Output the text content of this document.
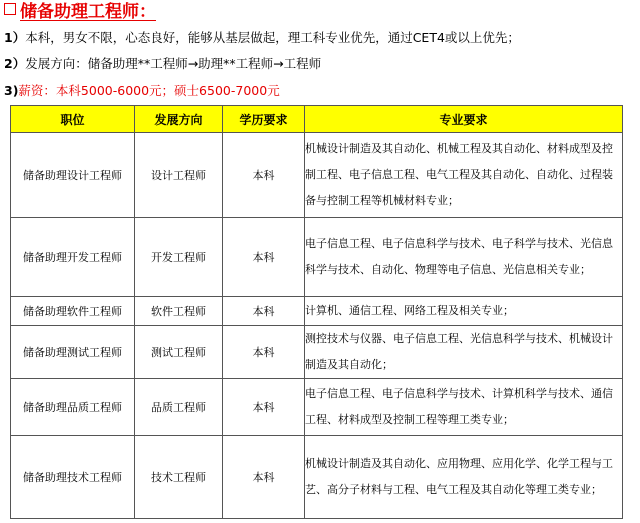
储备助理工程师：
1）本科，男女不限，心态良好，能够从基层做起，理工科专业优先，通过CET4或以上优先；
2）发展方向：储备助理**工程师→助理**工程师→工程师
3)薪资：本科5000-6000元；硕士6500-7000元
职位	发展方向	学历要求	专业要求
储备助理设计工程师	设计工程师	本科	机械设计制造及其自动化、机械工程及其自动化、材料成型及控制工程、电子信息工程、电气工程及其自动化、自动化、过程装备与控制工程等机械材料专业；
储备助理开发工程师	开发工程师	本科	电子信息工程、电子信息科学与技术、电子科学与技术、光信息科学与技术、自动化、物理等电子信息、光信息相关专业；
储备助理软件工程师	软件工程师	本科	计算机、通信工程、网络工程及相关专业；
储备助理测试工程师	测试工程师	本科	测控技术与仪器、电子信息工程、光信息科学与技术、机械设计制造及其自动化；
储备助理品质工程师	品质工程师	本科	电子信息工程、电子信息科学与技术、计算机科学与技术、通信工程、材料成型及控制工程等理工类专业；
储备助理技术工程师	技术工程师	本科	机械设计制造及其自动化、应用物理、应用化学、化学工程与工艺、高分子材料与工程、电气工程及其自动化等理工类专业；
